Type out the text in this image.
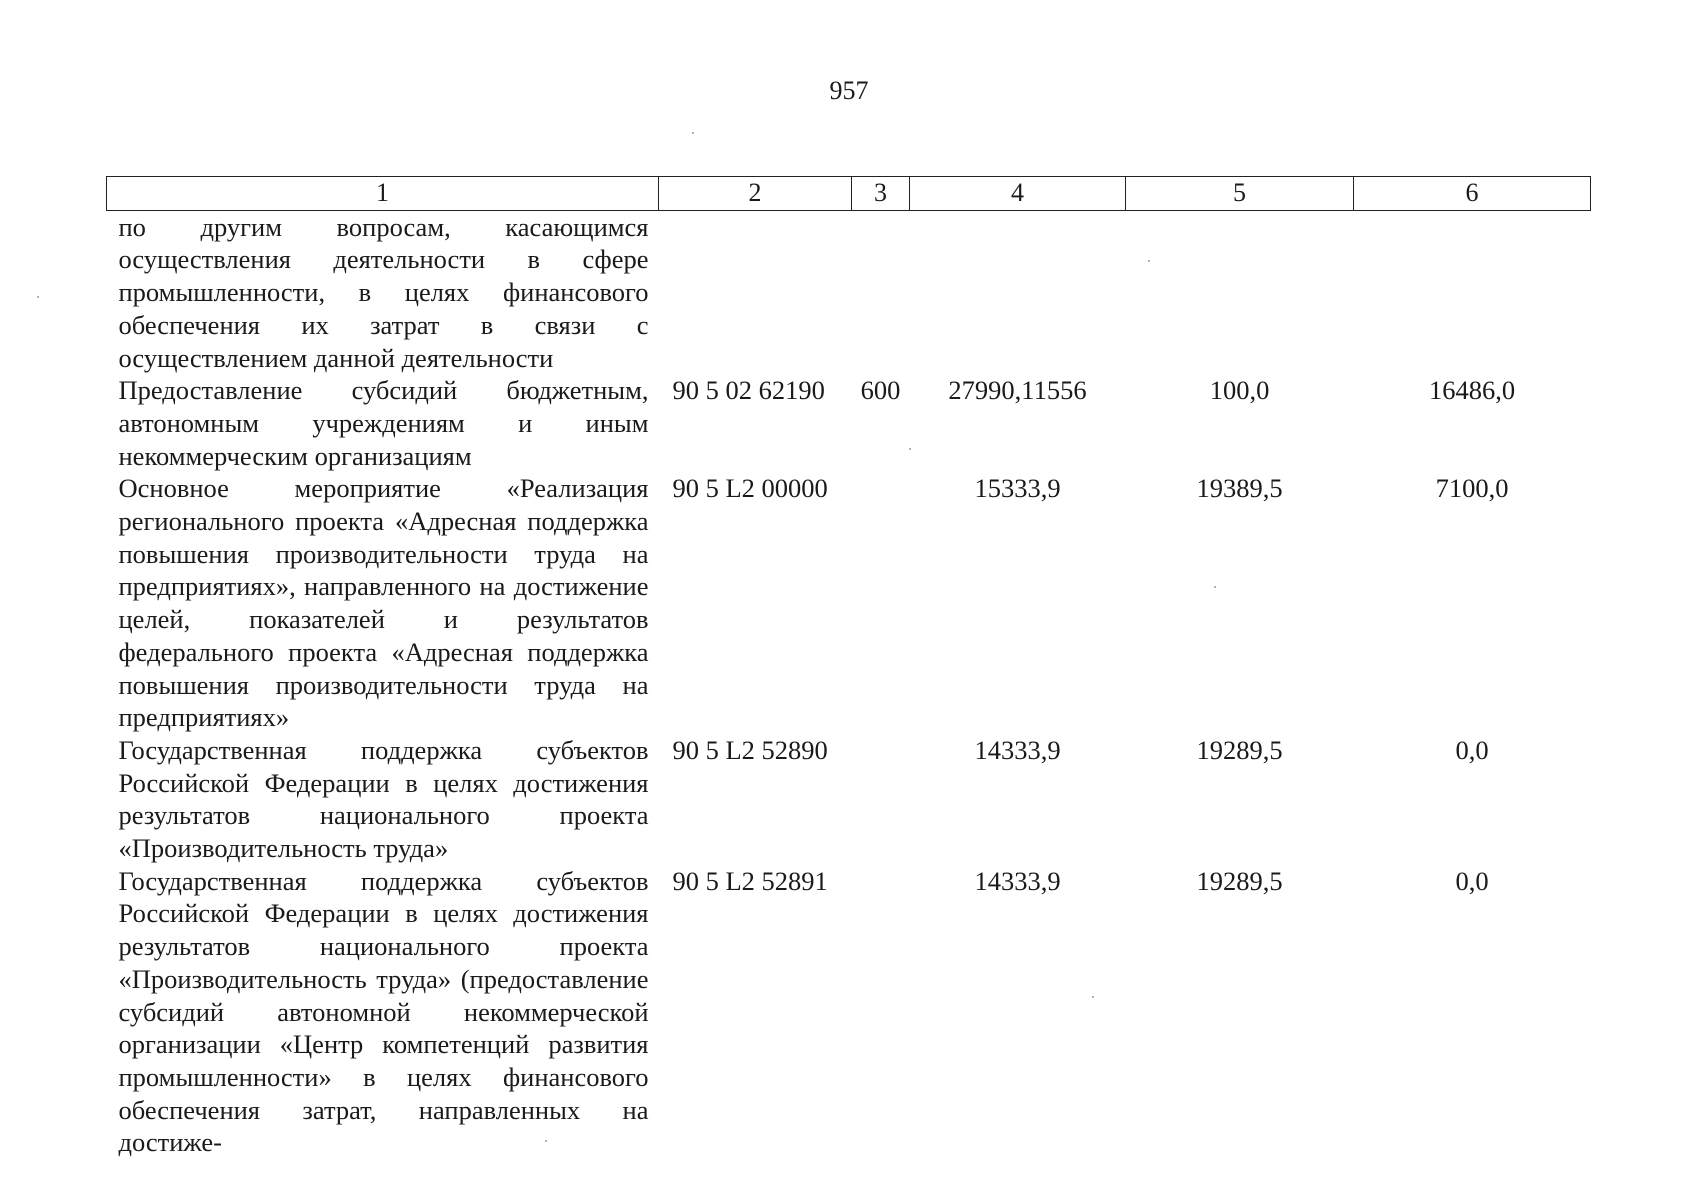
957
1	2	3	4	5	6
по другим вопросам, касающимся осуществления деятельности в сфере промышленности, в целях финансового обеспечения их затрат в связи с осуществлением данной деятельности					
Предоставление субсидий бюджетным, автономным учреждениям и иным некоммерческим организациям	90 5 02 62190	600	27990,11556	100,0	16486,0
Основное мероприятие «Реализация регионального проекта «Адресная поддержка повышения производительности труда на предприятиях», направленного на достижение целей, показателей и результатов федерального проекта «Адресная поддержка повышения производительности труда на предприятиях»	90 5 L2 00000		15333,9	19389,5	7100,0
Государственная поддержка субъектов Российской Федерации в целях достижения результатов национального проекта «Производительность труда»	90 5 L2 52890		14333,9	19289,5	0,0
Государственная поддержка субъектов Российской Федерации в целях достижения результатов национального проекта «Производительность труда» (предоставление субсидий автономной некоммерческой организации «Центр компетенций развития промышленности» в целях финансового обеспечения затрат, направленных на достиже-	90 5 L2 52891		14333,9	19289,5	0,0
